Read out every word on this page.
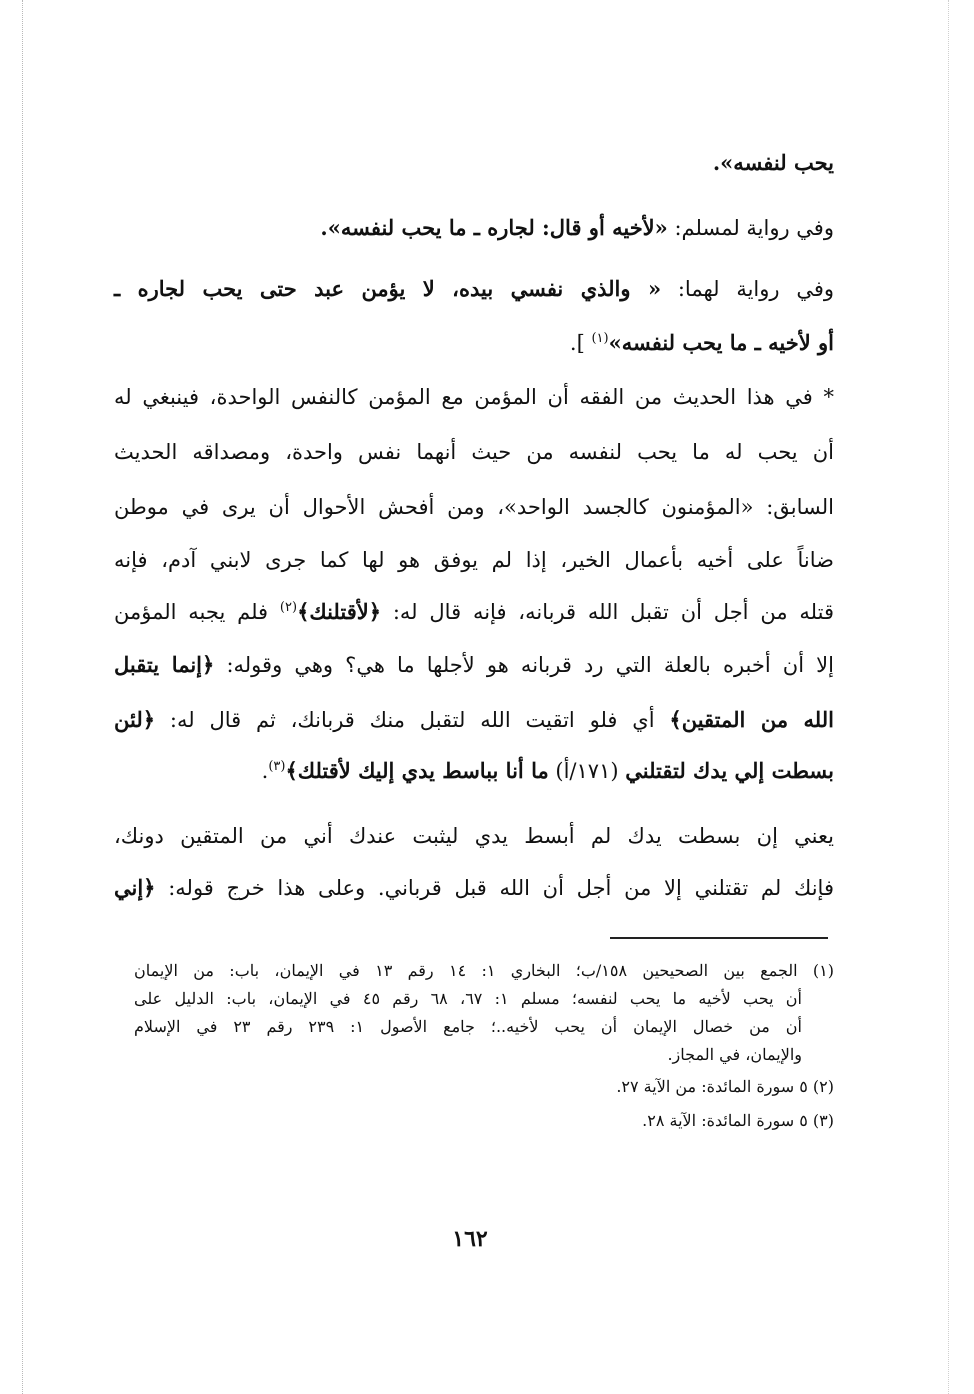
يحب لنفسه».
وفي رواية لمسلم: «لأخيه أو قال: لجاره ـ ما يحب لنفسه».
وفي رواية لهما: « والذي نفسي بيده، لا يؤمن عبد حتى يحب لجاره ـ
أو لأخيه ـ ما يحب لنفسه»$^{(١)}$ ].
* في هذا الحديث من الفقه أن المؤمن مع المؤمن كالنفس الواحدة، فينبغي له
أن يحب له ما يحب لنفسه من حيث أنهما نفس واحدة، ومصداقه الحديث
السابق: «المؤمنون كالجسد الواحد»، ومن أفحش الأحوال أن يرى في موطن
ضاناً على أخيه بأعمال الخير، إذا لم يوفق هو لها كما جرى لابني آدم، فإنه
قتله من أجل أن تقبل الله قربانه، فإنه قال له: ﴿لأقتلنك﴾$^{(٢)}$ فلم يجبه المؤمن
إلا أن أخبره بالعلة التي رد قربانه هو لأجلها ما هي؟ وهي وقوله: ﴿إنما يتقبل
الله من المتقين﴾ أي فلو اتقيت الله لتقبل منك قربانك، ثم قال له: ﴿لئن
بسطت إلي يدك لتقتلني (١٧١/أ) ما أنا بباسط يدي إليك لأقتلك﴾$^{(٣)}$.
يعني إن بسطت يدك لم أبسط يدي ليثبت عندك أني من المتقين دونك،
فإنك لم تقتلني إلا من أجل أن الله قبل قرباني. وعلى هذا خرج قوله: ﴿إني
(١) الجمع بين الصحيحين ١٥٨/ب؛ البخاري ١: ١٤ رقم ١٣ في الإيمان، باب: من الإيمان
أن يحب لأخيه ما يحب لنفسه؛ مسلم ١: ٦٧، ٦٨ رقم ٤٥ في الإيمان، باب: الدليل على
أن من خصال الإيمان أن يحب لأخيه..؛ جامع الأصول ١: ٢٣٩ رقم ٢٣ في الإسلام
والإيمان، في المجاز.
(٢) ٥ سورة المائدة: من الآية ٢٧.
(٣) ٥ سورة المائدة: الآية ٢٨.
١٦٢
